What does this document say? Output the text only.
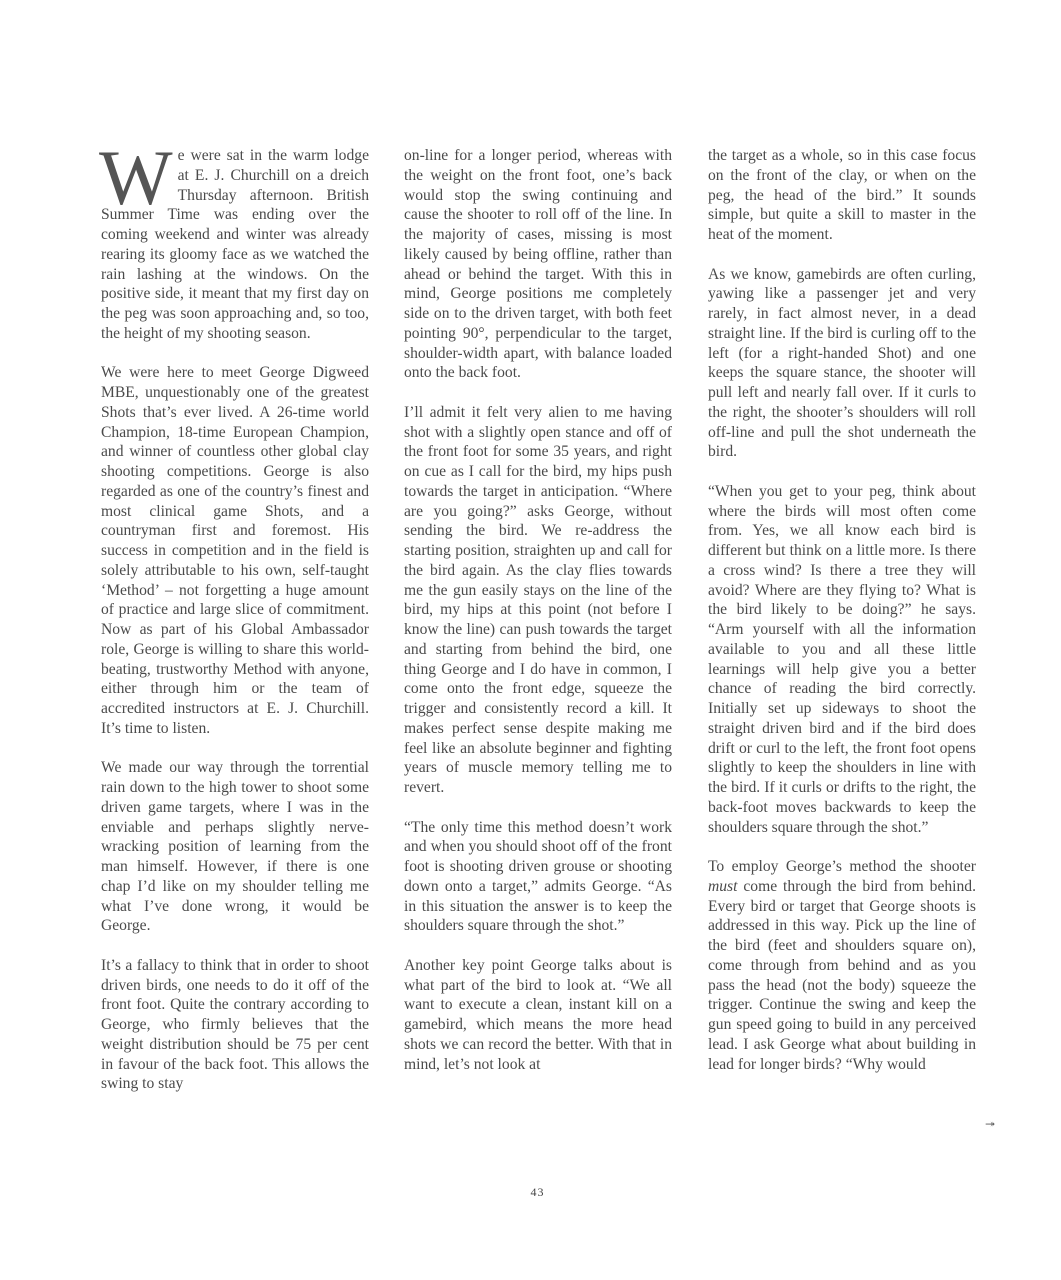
We were sat in the warm lodge at E. J. Churchill on a dreich Thursday afternoon. British Summer Time was ending over the coming weekend and winter was already rearing its gloomy face as we watched the rain lashing at the windows. On the positive side, it meant that my first day on the peg was soon approaching and, so too, the height of my shooting season.

We were here to meet George Digweed MBE, unquestionably one of the greatest Shots that’s ever lived. A 26-time world Champion, 18-time European Champion, and winner of countless other global clay shooting competitions. George is also regarded as one of the country’s finest and most clinical game Shots, and a countryman first and foremost. His success in competition and in the field is solely attributable to his own, self-taught ‘Method’ – not forgetting a huge amount of practice and large slice of commitment. Now as part of his Global Ambassador role, George is willing to share this world-beating, trustworthy Method with anyone, either through him or the team of accredited instructors at E. J. Churchill. It’s time to listen.

We made our way through the torrential rain down to the high tower to shoot some driven game targets, where I was in the enviable and perhaps slightly nerve-wracking position of learning from the man himself. However, if there is one chap I’d like on my shoulder telling me what I’ve done wrong, it would be George.

It’s a fallacy to think that in order to shoot driven birds, one needs to do it off of the front foot. Quite the contrary according to George, who firmly believes that the weight distribution should be 75 per cent in favour of the back foot. This allows the swing to stay

on-line for a longer period, whereas with the weight on the front foot, one’s back would stop the swing continuing and cause the shooter to roll off of the line. In the majority of cases, missing is most likely caused by being offline, rather than ahead or behind the target. With this in mind, George positions me completely side on to the driven target, with both feet pointing 90°, perpendicular to the target, shoulder-width apart, with balance loaded onto the back foot.

I’ll admit it felt very alien to me having shot with a slightly open stance and off of the front foot for some 35 years, and right on cue as I call for the bird, my hips push towards the target in anticipation. “Where are you going?” asks George, without sending the bird. We re-address the starting position, straighten up and call for the bird again. As the clay flies towards me the gun easily stays on the line of the bird, my hips at this point (not before I know the line) can push towards the target and starting from behind the bird, one thing George and I do have in common, I come onto the front edge, squeeze the trigger and consistently record a kill. It makes perfect sense despite making me feel like an absolute beginner and fighting years of muscle memory telling me to revert.

“The only time this method doesn’t work and when you should shoot off of the front foot is shooting driven grouse or shooting down onto a target,” admits George. “As in this situation the answer is to keep the shoulders square through the shot.”

Another key point George talks about is what part of the bird to look at. “We all want to execute a clean, instant kill on a gamebird, which means the more head shots we can record the better. With that in mind, let’s not look at

the target as a whole, so in this case focus on the front of the clay, or when on the peg, the head of the bird.” It sounds simple, but quite a skill to master in the heat of the moment.

As we know, gamebirds are often curling, yawing like a passenger jet and very rarely, in fact almost never, in a dead straight line. If the bird is curling off to the left (for a right-handed Shot) and one keeps the square stance, the shooter will pull left and nearly fall over. If it curls to the right, the shooter’s shoulders will roll off-line and pull the shot underneath the bird.

“When you get to your peg, think about where the birds will most often come from. Yes, we all know each bird is different but think on a little more. Is there a cross wind? Is there a tree they will avoid? Where are they flying to? What is the bird likely to be doing?” he says. “Arm yourself with all the information available to you and all these little learnings will help give you a better chance of reading the bird correctly. Initially set up sideways to shoot the straight driven bird and if the bird does drift or curl to the left, the front foot opens slightly to keep the shoulders in line with the bird. If it curls or drifts to the right, the back-foot moves backwards to keep the shoulders square through the shot.”

To employ George’s method the shooter must come through the bird from behind. Every bird or target that George shoots is addressed in this way. Pick up the line of the bird (feet and shoulders square on), come through from behind and as you pass the head (not the body) squeeze the trigger. Continue the swing and keep the gun speed going to build in any perceived lead. I ask George what about building in lead for longer birds? “Why would

↠
43
